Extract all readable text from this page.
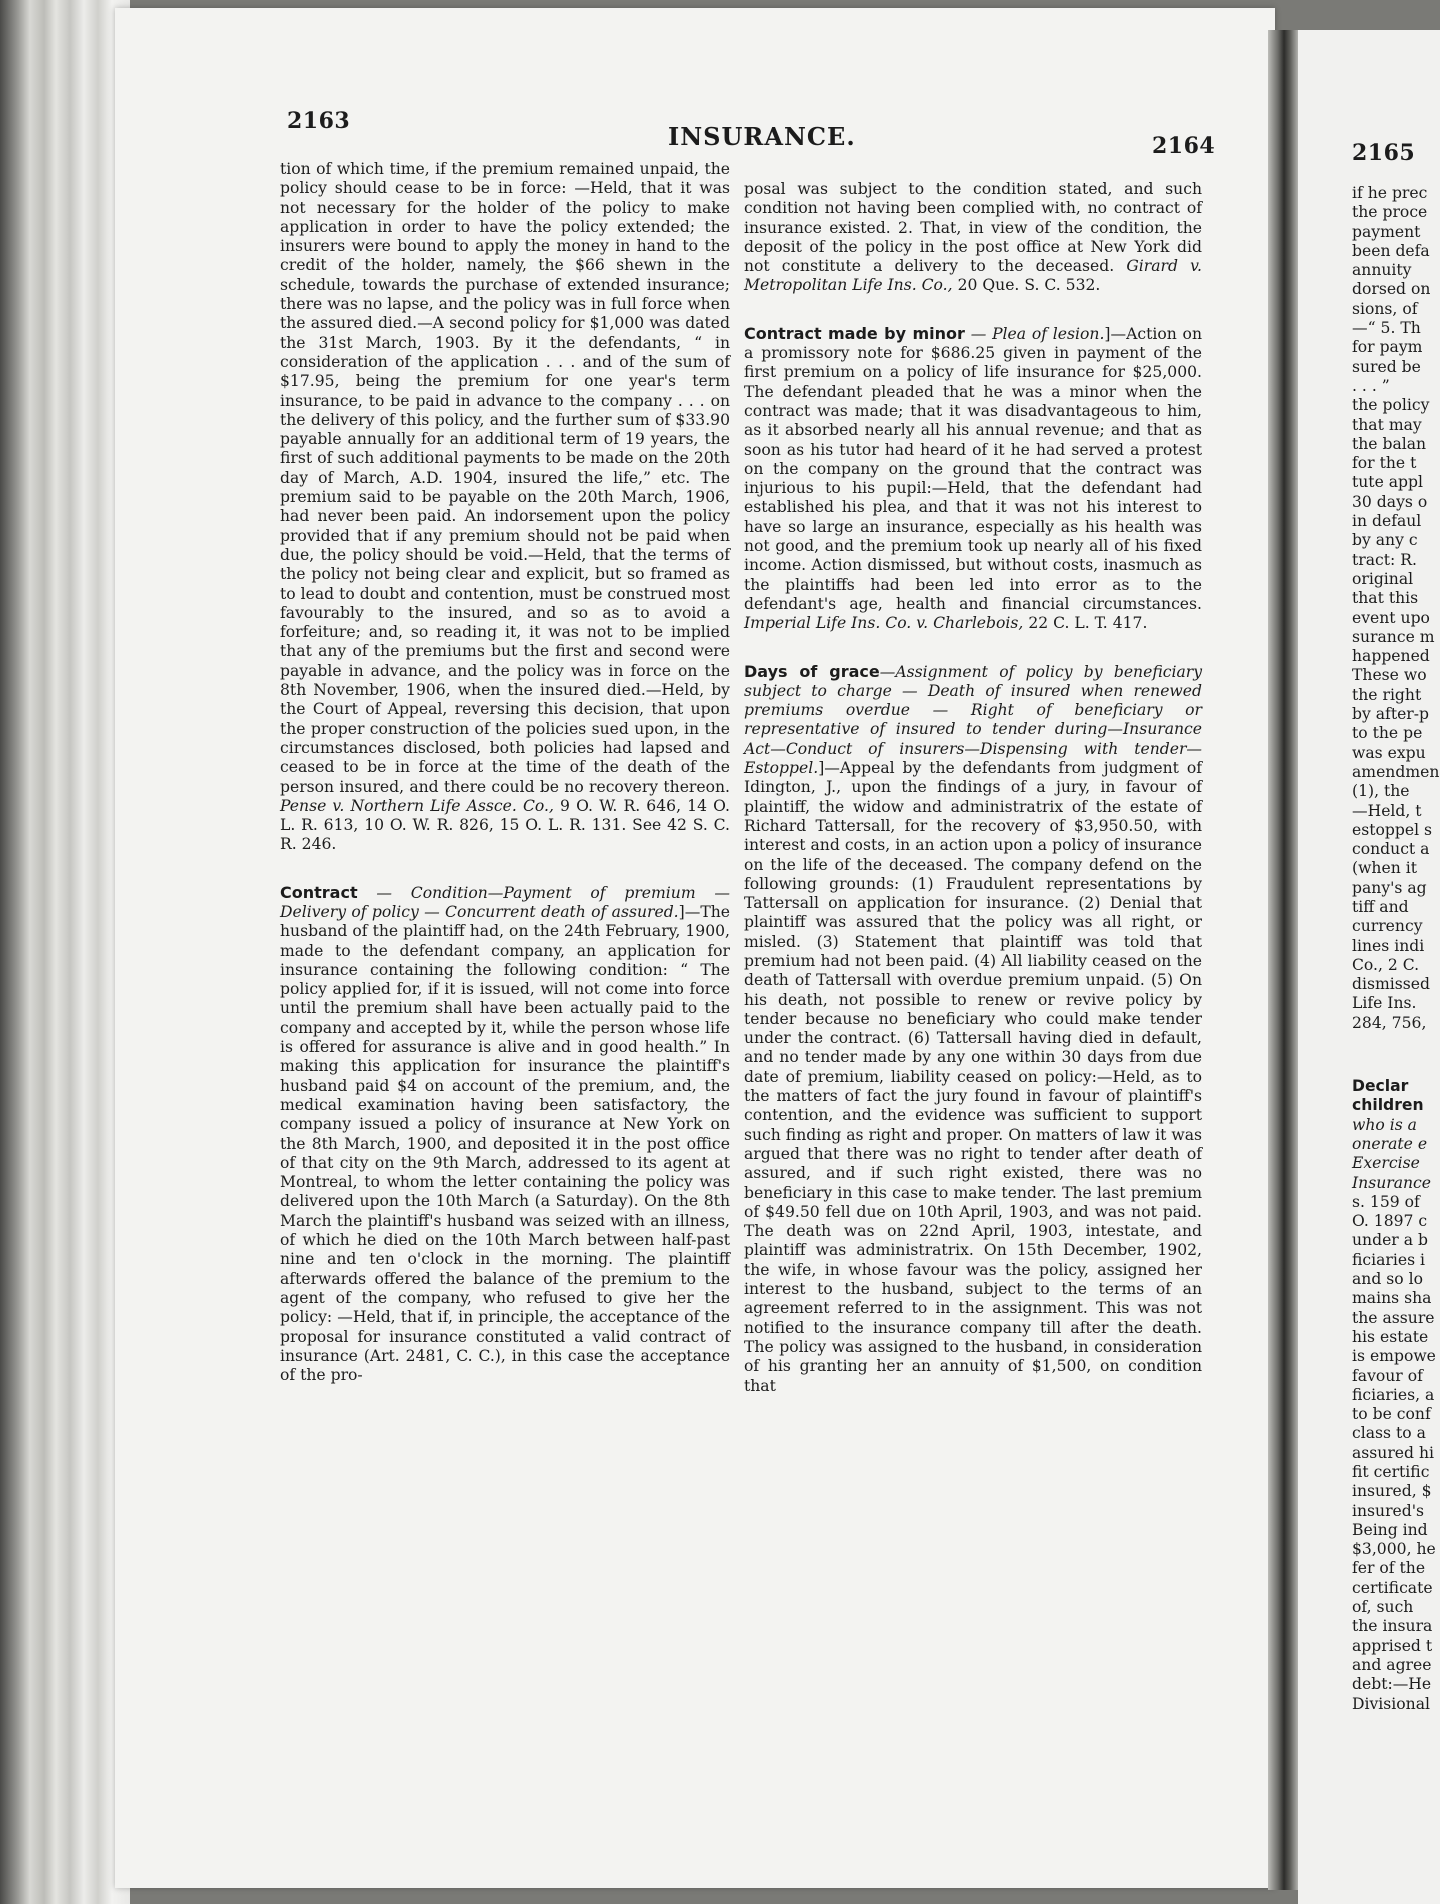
2163
INSURANCE.	2164	2165

tion of which time, if the premium remained unpaid, the policy should cease to be in force: —Held, that it was not necessary for the holder of the policy to make application in order to have the policy extended; the insurers were bound to apply the money in hand to the credit of the holder, namely, the $66 shewn in the schedule, towards the purchase of extended insurance; there was no lapse, and the policy was in full force when the assured died.—A second policy for $1,000 was dated the 31st March, 1903. By it the defendants, “ in consideration of the application . . . and of the sum of $17.95, being the premium for one year's term insurance, to be paid in advance to the company . . . on the delivery of this policy, and the further sum of $33.90 payable annually for an additional term of 19 years, the first of such additional payments to be made on the 20th day of March, A.D. 1904, insured the life,” etc. The premium said to be payable on the 20th March, 1906, had never been paid. An indorsement upon the policy provided that if any premium should not be paid when due, the policy should be void.—Held, that the terms of the policy not being clear and explicit, but so framed as to lead to doubt and contention, must be construed most favourably to the insured, and so as to avoid a forfeiture; and, so reading it, it was not to be implied that any of the premiums but the first and second were payable in advance, and the policy was in force on the 8th November, 1906, when the insured died.—Held, by the Court of Appeal, reversing this decision, that upon the proper construction of the policies sued upon, in the circumstances disclosed, both policies had lapsed and ceased to be in force at the time of the death of the person insured, and there could be no recovery thereon. Pense v. Northern Life Assce. Co., 9 O. W. R. 646, 14 O. L. R. 613, 10 O. W. R. 826, 15 O. L. R. 131. See 42 S. C. R. 246.

Contract — Condition—Payment of premium — Delivery of policy — Concurrent death of assured.]—The husband of the plaintiff had, on the 24th February, 1900, made to the defendant company, an application for insurance containing the following condition: “ The policy applied for, if it is issued, will not come into force until the premium shall have been actually paid to the company and accepted by it, while the person whose life is offered for assurance is alive and in good health.” In making this application for insurance the plaintiff's husband paid $4 on account of the premium, and, the medical examination having been satisfactory, the company issued a policy of insurance at New York on the 8th March, 1900, and deposited it in the post office of that city on the 9th March, addressed to its agent at Montreal, to whom the letter containing the policy was delivered upon the 10th March (a Saturday). On the 8th March the plaintiff's husband was seized with an illness, of which he died on the 10th March between half-past nine and ten o'clock in the morning. The plaintiff afterwards offered the balance of the premium to the agent of the company, who refused to give her the policy: —Held, that if, in principle, the acceptance of the proposal for insurance constituted a valid contract of insurance (Art. 2481, C. C.), in this case the acceptance of the pro-

posal was subject to the condition stated, and such condition not having been complied with, no contract of insurance existed. 2. That, in view of the condition, the deposit of the policy in the post office at New York did not constitute a delivery to the deceased. Girard v. Metropolitan Life Ins. Co., 20 Que. S. C. 532.

Contract made by minor — Plea of lesion.]—Action on a promissory note for $686.25 given in payment of the first premium on a policy of life insurance for $25,000. The defendant pleaded that he was a minor when the contract was made; that it was disadvantageous to him, as it absorbed nearly all his annual revenue; and that as soon as his tutor had heard of it he had served a protest on the company on the ground that the contract was injurious to his pupil:—Held, that the defendant had established his plea, and that it was not his interest to have so large an insurance, especially as his health was not good, and the premium took up nearly all of his fixed income. Action dismissed, but without costs, inasmuch as the plaintiffs had been led into error as to the defendant's age, health and financial circumstances. Imperial Life Ins. Co. v. Charlebois, 22 C. L. T. 417.

Days of grace—Assignment of policy by beneficiary subject to charge — Death of insured when renewed premiums overdue — Right of beneficiary or representative of insured to tender during—Insurance Act—Conduct of insurers—Dispensing with tender—Estoppel.]—Appeal by the defendants from judgment of Idington, J., upon the findings of a jury, in favour of plaintiff, the widow and administratrix of the estate of Richard Tattersall, for the recovery of $3,950.50, with interest and costs, in an action upon a policy of insurance on the life of the deceased. The company defend on the following grounds: (1) Fraudulent representations by Tattersall on application for insurance. (2) Denial that plaintiff was assured that the policy was all right, or misled. (3) Statement that plaintiff was told that premium had not been paid. (4) All liability ceased on the death of Tattersall with overdue premium unpaid. (5) On his death, not possible to renew or revive policy by tender because no beneficiary who could make tender under the contract. (6) Tattersall having died in default, and no tender made by any one within 30 days from due date of premium, liability ceased on policy:—Held, as to the matters of fact the jury found in favour of plaintiff's contention, and the evidence was sufficient to support such finding as right and proper. On matters of law it was argued that there was no right to tender after death of assured, and if such right existed, there was no beneficiary in this case to make tender. The last premium of $49.50 fell due on 10th April, 1903, and was not paid. The death was on 22nd April, 1903, intestate, and plaintiff was administratrix. On 15th December, 1902, the wife, in whose favour was the policy, assigned her interest to the husband, subject to the terms of an agreement referred to in the assignment. This was not notified to the insurance company till after the death. The policy was assigned to the husband, in consideration of his granting her an annuity of $1,500, on condition that

if he prec
the proce
payment
been defa
annuity
dorsed on
sions, of
—“ 5. Th
for paym
sured be
. . . ”
the policy
that may
the balan
for the t
tute appl
30 days o
in defaul
by any c
tract: R.
original
that this
event upo
surance m
happened
These wo
the right
by after-p
to the pe
was expu
amendmen
(1), the
—Held, t
estoppel s
conduct a
(when it
pany's ag
tiff and
currency
lines indi
Co., 2 C.
dismissed
Life Ins.
284, 756,
Declar
children
who is a
onerate e
Exercise
Insurance
s. 159 of
O. 1897 c
under a b
ficiaries i
and so lo
mains sha
the assure
his estate
is empowe
favour of
ficiaries, a
to be conf
class to a
assured hi
fit certific
insured, $
insured's
Being ind
$3,000, he
fer of the
certificate
of, such
the insura
apprised t
and agree
debt:—He
Divisional
